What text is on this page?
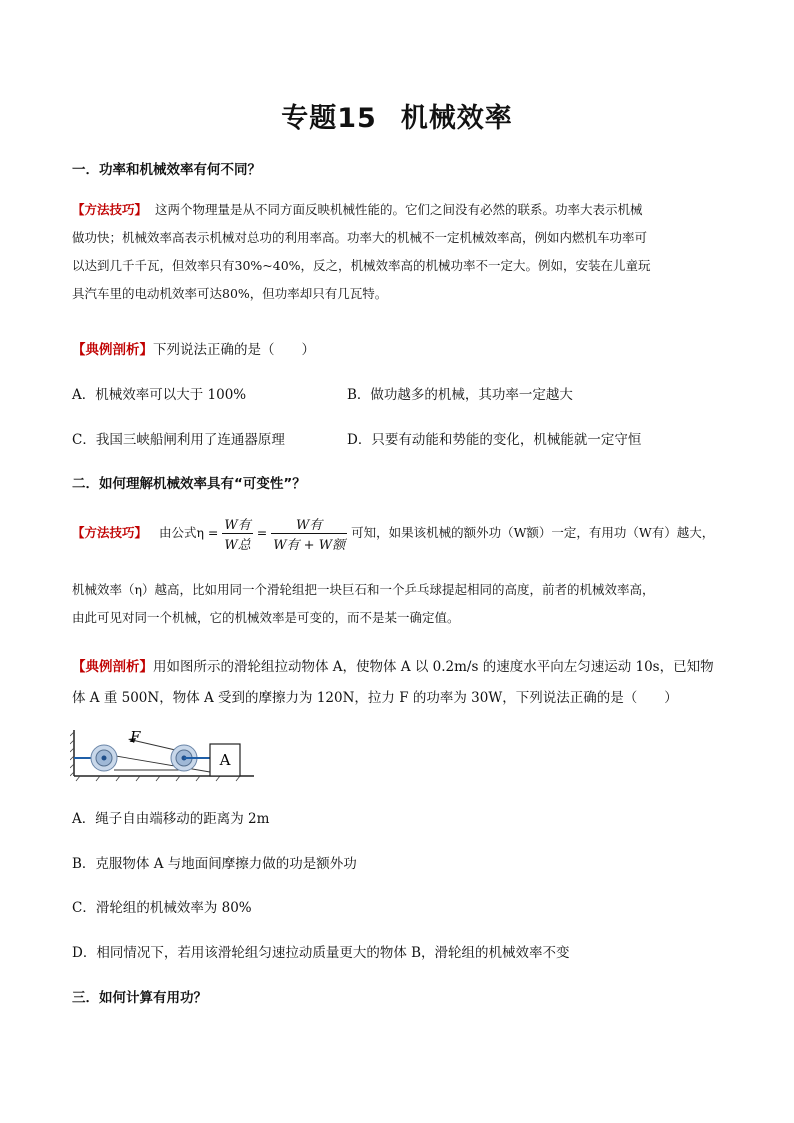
专题15 机械效率
一．功率和机械效率有何不同？
【方法技巧】 这两个物理量是从不同方面反映机械性能的。它们之间没有必然的联系。功率大表示机械
做功快；机械效率高表示机械对总功的利用率高。功率大的机械不一定机械效率高，例如内燃机车功率可
以达到几千千瓦，但效率只有30%~40%，反之，机械效率高的机械功率不一定大。例如，安装在儿童玩
具汽车里的电动机效率可达80%，但功率却只有几瓦特。
【典例剖析】下列说法正确的是（　　）
A．机械效率可以大于 100%	B．做功越多的机械，其功率一定越大
C．我国三峡船闸利用了连通器原理	D．只要有动能和势能的变化，机械能就一定守恒
二．如何理解机械效率具有“可变性”？
【方法技巧】 由公式$\eta = \frac{\text{W有}}{\text{W总}} = \frac{\text{W有}}{\text{W有 + W额}}$ 可知，如果该机械的额外功（W额）一定，有用功（W有）越大，
机械效率（η）越高，比如用同一个滑轮组把一块巨石和一个乒乓球提起相同的高度，前者的机械效率高，
由此可见对同一个机械，它的机械效率是可变的，而不是某一确定值。
【典例剖析】用如图所示的滑轮组拉动物体 A，使物体 A 以 0.2m/s 的速度水平向左匀速运动 10s，已知物
体 A 重 500N，物体 A 受到的摩擦力为 120N，拉力 F 的功率为 30W，下列说法正确的是（　　）
A
F
A．绳子自由端移动的距离为 2m
B．克服物体 A 与地面间摩擦力做的功是额外功
C．滑轮组的机械效率为 80%
D．相同情况下，若用该滑轮组匀速拉动质量更大的物体 B，滑轮组的机械效率不变
三．如何计算有用功？
